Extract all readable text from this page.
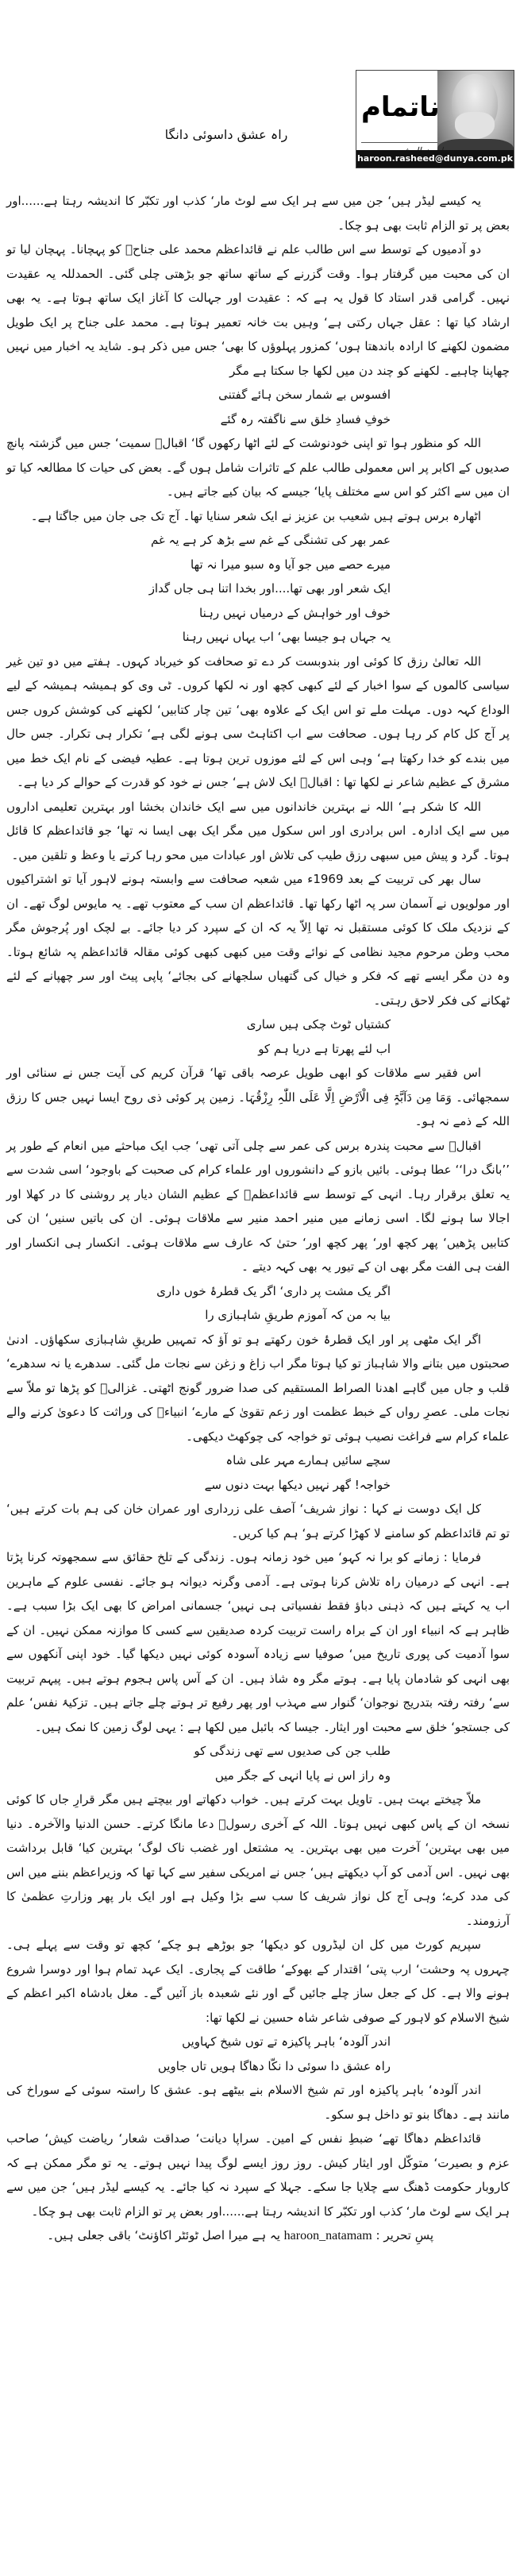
ناتمام
haroon.rasheed@dunya.com.pk
راہ عشق داسوئی دانگا

یہ کیسے لیڈر ہیں‘ جن میں سے ہر ایک سے لوٹ مار‘ کذب اور تکبّر کا اندیشہ رہتا ہے......اور بعض پر تو الزام ثابت بھی ہو چکا۔

دو آدمیوں کے توسط سے اس طالب علم نے قائداعظم محمد علی جناحؒ کو پہچانا۔ پہچان لیا تو ان کی محبت میں گرفتار ہوا۔ وقت گزرنے کے ساتھ ساتھ جو بڑھتی چلی گئی۔ الحمدللہ یہ عقیدت نہیں۔ گرامی قدر استاد کا قول یہ ہے کہ : عقیدت اور جہالت کا آغاز ایک ساتھ ہوتا ہے۔ یہ بھی ارشاد کیا تھا : عقل جہاں رکتی ہے‘ وہیں بت خانہ تعمیر ہوتا ہے۔ محمد علی جناح پر ایک طویل مضمون لکھنے کا ارادہ باندھتا ہوں‘ کمزور پہلوؤں کا بھی‘ جس میں ذکر ہو۔ شاید یہ اخبار میں نہیں چھاپنا چاہیے۔ لکھنے کو چند دن میں لکھا جا سکتا ہے مگر

افسوس بے شمار سخن ہائے گفتنی

خوفِ فسادِ خلق سے ناگفتہ رہ گئے

اللہ کو منظور ہوا تو اپنی خودنوشت کے لئے اٹھا رکھوں گا‘ اقبالؔ سمیت‘ جس میں گزشتہ پانچ صدیوں کے اکابر پر اس معمولی طالب علم کے تاثرات شامل ہوں گے۔ بعض کی حیات کا مطالعہ کیا تو ان میں سے اکثر کو اس سے مختلف پایا‘ جیسے کہ بیان کیے جاتے ہیں۔

اٹھارہ برس ہوتے ہیں شعیب بن عزیز نے ایک شعر سنایا تھا۔ آج تک جی جان میں جاگتا ہے۔

عمر بھر کی تشنگی کے غم سے بڑھ کر ہے یہ غم

میرے حصے میں جو آیا وہ سبو میرا نہ تھا

ایک شعر اور بھی تھا....اور بخدا اتنا ہی جاں گداز

خوف اور خواہش کے درمیاں نہیں رہنا

یہ جہاں ہو جیسا بھی‘ اب یہاں نہیں رہنا

اللہ تعالیٰ رزق کا کوئی اور بندوبست کر دے تو صحافت کو خیرباد کہوں۔ ہفتے میں دو تین غیر سیاسی کالموں کے سوا اخبار کے لئے کبھی کچھ اور نہ لکھا کروں۔ ٹی وی کو ہمیشہ ہمیشہ کے لیے الوداع کہہ دوں۔ مہلت ملے تو اس ایک کے علاوہ بھی‘ تین چار کتابیں‘ لکھنے کی کوشش کروں جس پر آج کل کام کر رہا ہوں۔ صحافت سے اب اکتاہٹ سی ہونے لگی ہے‘ تکرار ہی تکرار۔ جس حال میں بندے کو خدا رکھتا ہے‘ وہی اس کے لئے موزوں ترین ہوتا ہے۔ عطیہ فیضی کے نام ایک خط میں مشرق کے عظیم شاعر نے لکھا تھا : اقبالؔ ایک لاش ہے‘ جس نے خود کو قدرت کے حوالے کر دیا ہے۔

اللہ کا شکر ہے‘ اللہ نے بہترین خاندانوں میں سے ایک خاندان بخشا اور بہترین تعلیمی اداروں میں سے ایک ادارہ۔ اس برادری اور اس سکول میں مگر ایک بھی ایسا نہ تھا‘ جو قائداعظم کا قائل ہوتا۔ گرد و پیش میں سبھی رزق طیب کی تلاش اور عبادات میں محو رہا کرتے یا وعظ و تلقین میں۔

سال بھر کی تربیت کے بعد 1969ء میں شعبہ صحافت سے وابستہ ہونے لاہور آیا تو اشتراکیوں اور مولویوں نے آسمان سر پہ اٹھا رکھا تھا۔ قائداعظم ان سب کے معتوب تھے۔ یہ مایوس لوگ تھے۔ ان کے نزدیک ملک کا کوئی مستقبل نہ تھا اِلاّ یہ کہ ان کے سپرد کر دیا جائے۔ بے لچک اور پُرجوش مگر محب وطن مرحوم مجید نظامی کے نوائے وقت میں کبھی کبھی کوئی مقالہ قائداعظم پہ شائع ہوتا۔ وہ دن مگر ایسے تھے کہ فکر و خیال کی گتھیاں سلجھانے کی بجائے‘ پاپی پیٹ اور سر چھپانے کے لئے ٹھکانے کی فکر لاحق رہتی۔

کشتیاں ٹوٹ چکی ہیں ساری

اب لئے پھرتا ہے دریا ہم کو

اس فقیر سے ملاقات کو ابھی طویل عرصہ باقی تھا‘ قرآن کریم کی آیت جس نے سنائی اور سمجھائی۔ وَمَا مِن دَآبَّۃٍ فِی الْاَرْضِ اِلَّا عَلَی اللّٰہِ رِزْقُہَا۔ زمین پر کوئی ذی روح ایسا نہیں جس کا رزق اللہ کے ذمے نہ ہو۔

اقبالؔ سے محبت پندرہ برس کی عمر سے چلی آتی تھی‘ جب ایک مباحثے میں انعام کے طور پر ’’بانگ درا‘‘ عطا ہوئی۔ بائیں بازو کے دانشوروں اور علماء کرام کی صحبت کے باوجود‘ اسی شدت سے یہ تعلق برقرار رہا۔ انہی کے توسط سے قائداعظمؒ کے عظیم الشان دیار پر روشنی کا در کھلا اور اجالا سا ہونے لگا۔ اسی زمانے میں منیر احمد منیر سے ملاقات ہوئی۔ ان کی باتیں سنیں‘ ان کی کتابیں پڑھیں‘ پھر کچھ اور‘ پھر کچھ اور‘ حتیٰ کہ عارف سے ملاقات ہوئی۔ انکسار ہی انکسار اور الفت ہی الفت مگر بھی ان کے تیور یہ بھی کہہ دیتے ۔

اگر یک مشت پر داری‘ اگر یک قطرۂ خوں داری

بیا بہ من کہ آموزم طریقِ شاہبازی را

اگر ایک مٹھی پر اور ایک قطرۂ خون رکھتے ہو تو آؤ کہ تمہیں طریقِ شاہبازی سکھاؤں۔ ادنیٰ صحبتوں میں بتانے والا شاہباز تو کیا ہوتا مگر اب زاغ و زغن سے نجات مل گئی۔ سدھرے یا نہ سدھرے‘ قلب و جاں میں گاہے اھدنا الصراط المستقیم کی صدا ضرور گونج اٹھتی۔ غزالیؒ کو پڑھا تو ملاّ سے نجات ملی۔ عصرِ رواں کے خبط عظمت اور زعم تقویٰ کے مارے‘ انبیاءؑ کی وراثت کا دعویٰ کرنے والے علماء کرام سے فراغت نصیب ہوئی تو خواجہ کی چوکھٹ دیکھی۔

سچے سائیں ہمارے مہر علی شاہ

خواجہ! گھر نہیں دیکھا بہت دنوں سے

کل ایک دوست نے کہا : نواز شریف‘ آصف علی زرداری اور عمران خان کی ہم بات کرتے ہیں‘ تو تم قائداعظم کو سامنے لا کھڑا کرتے ہو‘ ہم کیا کریں۔

فرمایا : زمانے کو برا نہ کہو‘ میں خود زمانہ ہوں۔ زندگی کے تلخ حقائق سے سمجھوتہ کرنا پڑتا ہے۔ انہی کے درمیان راہ تلاش کرنا ہوتی ہے۔ آدمی وگرنہ دیوانہ ہو جائے۔ نفسی علوم کے ماہرین اب یہ کہتے ہیں کہ ذہنی دباؤ فقط نفسیاتی ہی نہیں‘ جسمانی امراض کا بھی ایک بڑا سبب ہے۔ ظاہر ہے کہ انبیاء اور ان کے براہ راست تربیت کردہ صدیقین سے کسی کا موازنہ ممکن نہیں۔ ان کے سوا آدمیت کی پوری تاریخ میں‘ صوفیا سے زیادہ آسودہ کوئی نہیں دیکھا گیا۔ خود اپنی آنکھوں سے بھی انہی کو شادمان پایا ہے۔ ہوتے مگر وہ شاذ ہیں۔ ان کے آس پاس ہجوم ہوتے ہیں۔ پیہم تربیت سے‘ رفتہ رفتہ بتدریج نوجوان‘ گنوار سے مہذب اور پھر رفیع تر ہوتے چلے جاتے ہیں۔ تزکیۂ نفس‘ علم کی جستجو‘ خلق سے محبت اور ایثار۔ جیسا کہ بائبل میں لکھا ہے : یہی لوگ زمین کا نمک ہیں۔

طلب جن کی صدیوں سے تھی زندگی کو

وہ راز اس نے پایا انہی کے جگر میں

ملاّ چیختے بہت ہیں۔ تاویل بہت کرتے ہیں۔ خواب دکھاتے اور بیچتے ہیں مگر قرارِ جاں کا کوئی نسخہ ان کے پاس کبھی نہیں ہوتا۔ اللہ کے آخری رسولؐ دعا مانگا کرتے۔ حسن الدنیا والآخرہ۔ دنیا میں بھی بہترین‘ آخرت میں بھی بہترین۔ یہ مشتعل اور غضب ناک لوگ‘ بہترین کیا‘ قابل برداشت بھی نہیں۔ اس آدمی کو آپ دیکھتے ہیں‘ جس نے امریکی سفیر سے کہا تھا کہ وزیراعظم بننے میں اس کی مدد کرے؛ وہی آج کل نواز شریف کا سب سے بڑا وکیل ہے اور ایک بار پھر وزارتِ عظمیٰ کا آرزومند۔

سپریم کورٹ میں کل ان لیڈروں کو دیکھا‘ جو بوڑھے ہو چکے‘ کچھ تو وقت سے پہلے ہی۔ چہروں پہ وحشت‘ ارب پتی‘ اقتدار کے بھوکے‘ طاقت کے پجاری۔ ایک عہد تمام ہوا اور دوسرا شروع ہونے والا ہے۔ کل کے جعل ساز چلے جائیں گے اور نئے شعبدہ باز آئیں گے۔ مغل بادشاہ اکبر اعظم کے شیخ الاسلام کو لاہور کے صوفی شاعر شاہ حسین نے لکھا تھا:

اندر آلودہ‘ باہر پاکیزہ تے توں شیخ کہاویں

راہ عشق دا سوئی دا نکّا دھاگا ہویں تاں جاویں

اندر آلودہ‘ باہر پاکیزہ اور تم شیخ الاسلام بنے بیٹھے ہو۔ عشق کا راستہ سوئی کے سوراخ کی مانند ہے۔ دھاگا بنو تو داخل ہو سکو۔

قائداعظم دھاگا تھے‘ ضبطِ نفس کے امین۔ سراپا دیانت‘ صداقت شعار‘ ریاضت کیش‘ صاحب عزم و بصیرت‘ متوکّل اور ایثار کیش۔ روز روز ایسے لوگ پیدا نہیں ہوتے۔ یہ تو مگر ممکن ہے کہ کاروبار حکومت ڈھنگ سے چلایا جا سکے۔ جہلا کے سپرد نہ کیا جائے۔ یہ کیسے لیڈر ہیں‘ جن میں سے ہر ایک سے لوٹ مار‘ کذب اور تکبّر کا اندیشہ رہتا ہے......اور بعض پر تو الزام ثابت بھی ہو چکا۔

پسِ تحریر : haroon_natamam یہ ہے میرا اصل ٹوئٹر اکاؤنٹ‘ باقی جعلی ہیں۔
